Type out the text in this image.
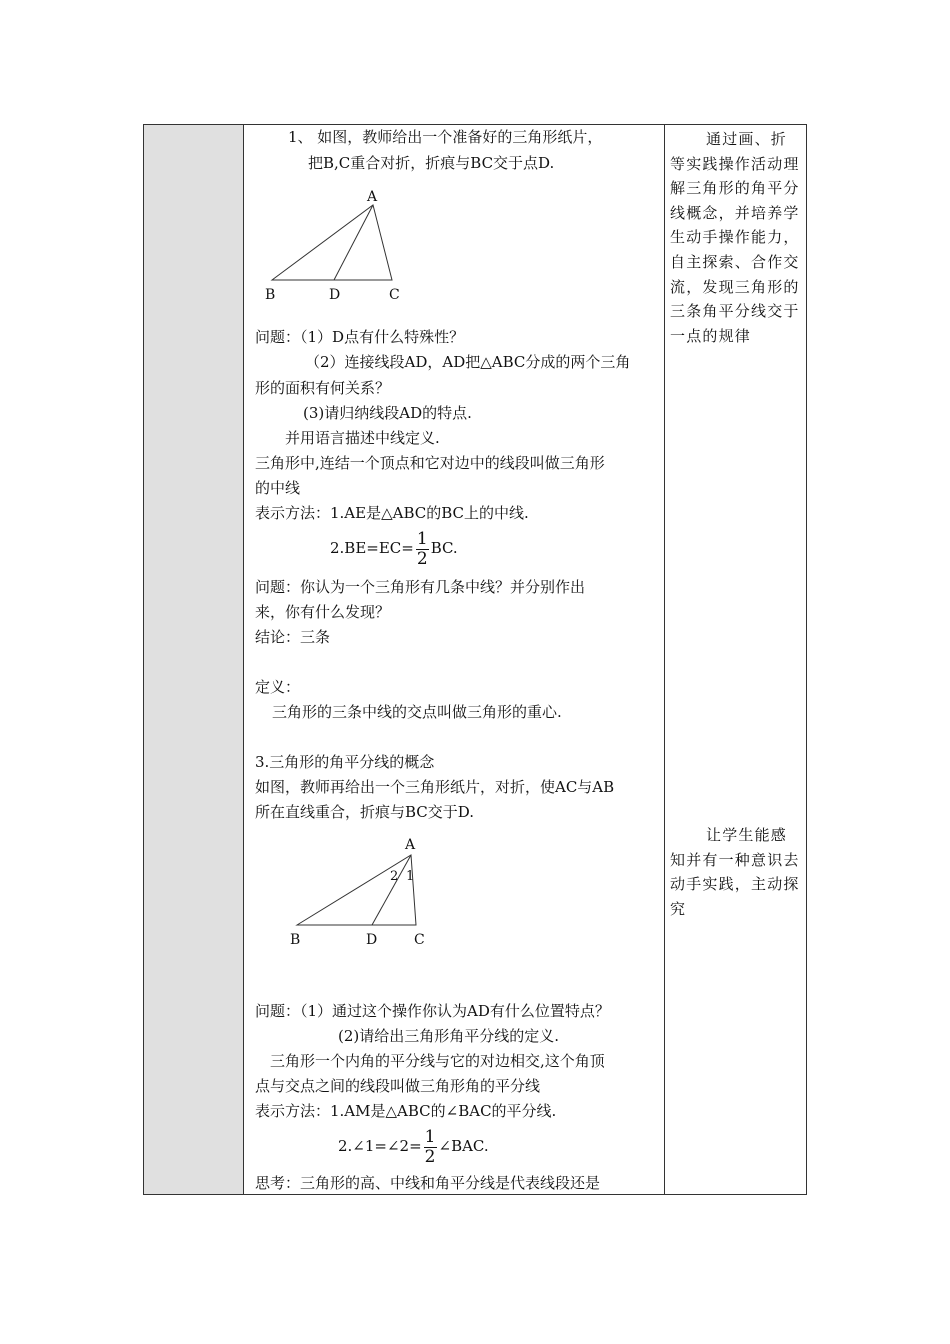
1、 如图，教师给出一个准备好的三角形纸片，
把B,C重合对折，折痕与BC交于点D.
A
B	D	C
问题：（1）D点有什么特殊性？
（2）连接线段AD，AD把△ABC分成的两个三角
形的面积有何关系？
(3)请归纳线段AD的特点.
并用语言描述中线定义.
三角形中,连结一个顶点和它对边中的线段叫做三角形
的中线
表示方法：1.AE是△ABC的BC上的中线.
$2.BE=EC= \frac{1}{2}$ BC.
问题：你认为一个三角形有几条中线？并分别作出
来，你有什么发现？
结论：三条
定义：
三角形的三条中线的交点叫做三角形的重心.
3.三角形的角平分线的概念
如图，教师再给出一个三角形纸片，对折，使AC与AB
所在直线重合，折痕与BC交于D.
A
2 1
B	D	C
问题：（1）通过这个操作你认为AD有什么位置特点？
(2)请给出三角形角平分线的定义.
三角形一个内角的平分线与它的对边相交,这个角顶
点与交点之间的线段叫做三角形角的平分线
表示方法：1.AM是△ABC的∠BAC的平分线.
2.∠1=∠2= $\frac{1}{2}$ ∠BAC.
思考：三角形的高、中线和角平分线是代表线段还是
通过画、折等实践操作活动理解三角形的角平分线概念，并培养学生动手操作能力，自主探索、合作交流，发现三角形的三条角平分线交于一点的规律
让学生能感知并有一种意识去动手实践，主动探究
